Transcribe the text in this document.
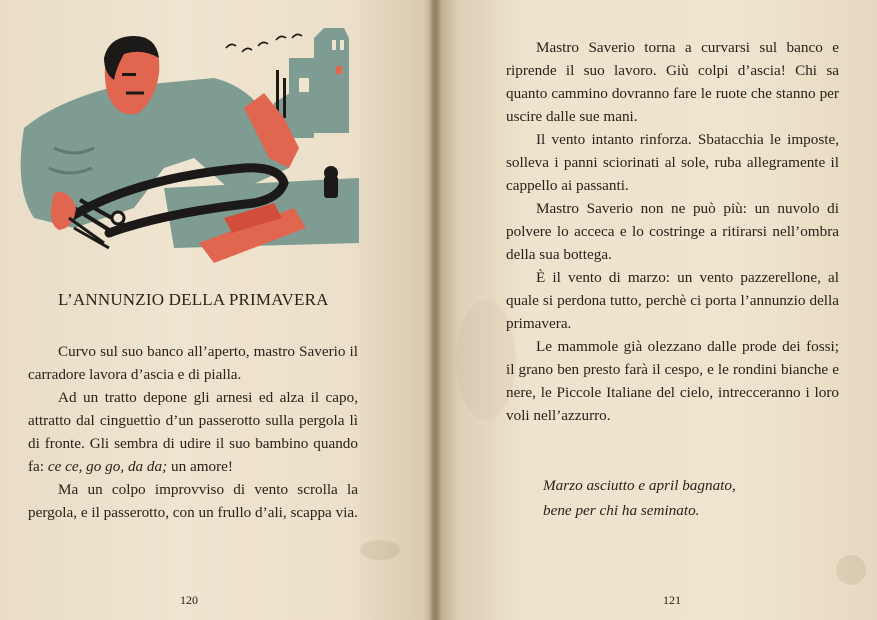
L’ANNUNZIO DELLA PRIMAVERA

Curvo sul suo banco all’aperto, mastro Saverio il carradore lavora d’ascia e di pialla.

Ad un tratto depone gli arnesi ed alza il capo, attratto dal cinguettìo d’un passerotto sulla pergola lì di fronte. Gli sembra di udire il suo bambino quando fa: ce ce, go go, da da; un amore!

Ma un colpo improvviso di vento scrolla la pergola, e il passerotto, con un frullo d’ali, scappa via.

120

Mastro Saverio torna a curvarsi sul banco e riprende il suo lavoro. Giù colpi d’ascia! Chi sa quanto cammino dovranno fare le ruote che stanno per uscire dalle sue mani.

Il vento intanto rinforza. Sbatacchia le imposte, solleva i panni sciorinati al sole, ruba allegramente il cappello ai passanti.

Mastro Saverio non ne può più: un nuvolo di polvere lo acceca e lo costringe a ritirarsi nell’ombra della sua bottega.

È il vento di marzo: un vento pazzerellone, al quale si perdona tutto, perchè ci porta l’annunzio della primavera.

Le mammole già olezzano dalle prode dei fossi; il grano ben presto farà il cespo, e le rondini bianche e nere, le Piccole Italiane del cielo, intrecceranno i loro voli nell’azzurro.

Marzo asciutto e april bagnato,
bene per chi ha seminato.
121
